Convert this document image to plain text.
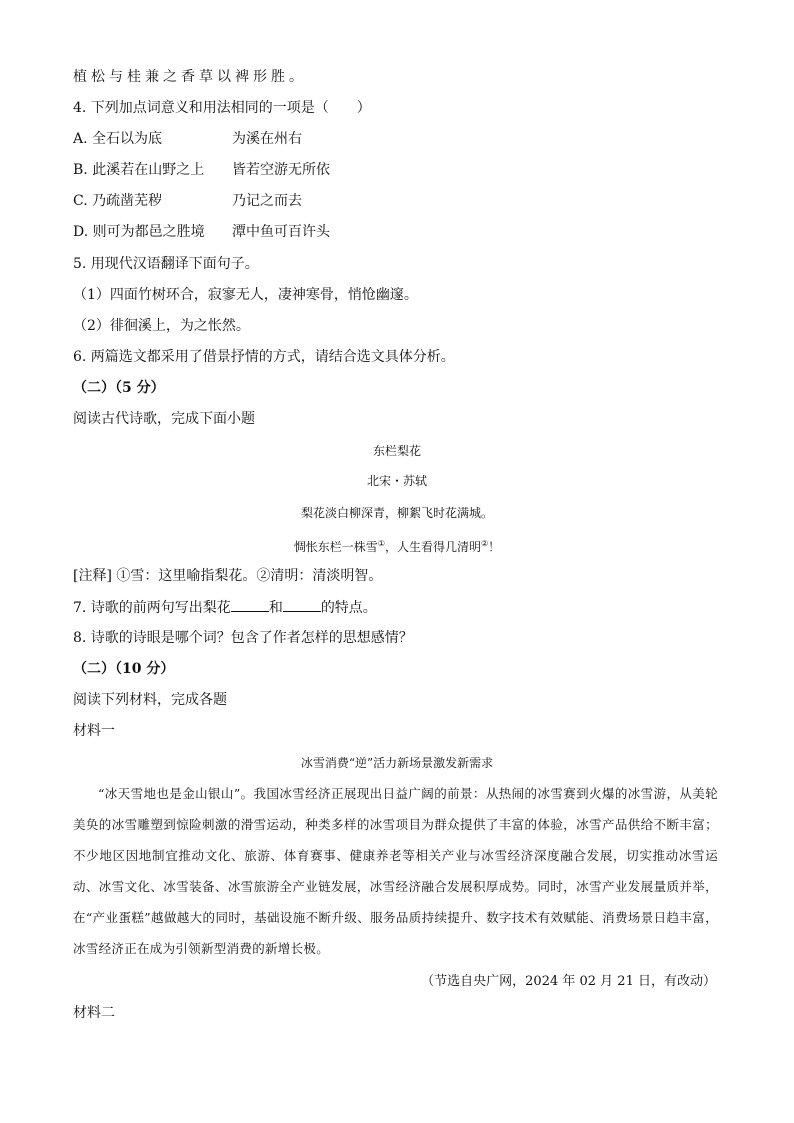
植松与桂兼之香草以裨形胜。
4. 下列加点词意义和用法相同的一项是（　　）
A. 全石以为底	为溪在州右
B. 此溪若在山野之上 皆若空游无所依
C. 乃疏凿芜秽	乃记之而去
D. 则可为都邑之胜境 潭中鱼可百许头
5. 用现代汉语翻译下面句子。
（1）四面竹树环合，寂寥无人，凄神寒骨，悄怆幽邃。
（2）徘徊溪上，为之怅然。
6. 两篇选文都采用了借景抒情的方式，请结合选文具体分析。
（二）（5 分）
阅读古代诗歌，完成下面小题
东栏梨花
北宋・苏轼
梨花淡白柳深青，柳絮飞时花满城。
惆怅东栏一株雪①，人生看得几清明②！
[注释] ①雪：这里喻指梨花。②清明：清淡明智。
7. 诗歌的前两句写出梨花	和	的特点。
8. 诗歌的诗眼是哪个词？包含了作者怎样的思想感情？
（二）（10 分）
阅读下列材料，完成各题
材料一
冰雪消费“逆”活力新场景激发新需求
“冰天雪地也是金山银山”。我国冰雪经济正展现出日益广阔的前景：从热闹的冰雪赛到火爆的冰雪游，从美轮美奂的冰雪雕塑到惊险刺激的滑雪运动，种类多样的冰雪项目为群众提供了丰富的体验，冰雪产品供给不断丰富；不少地区因地制宜推动文化、旅游、体育赛事、健康养老等相关产业与冰雪经济深度融合发展，切实推动冰雪运动、冰雪文化、冰雪装备、冰雪旅游全产业链发展，冰雪经济融合发展积厚成势。同时，冰雪产业发展量质并举，在“产业蛋糕”越做越大的同时，基础设施不断升级、服务品质持续提升、数字技术有效赋能、消费场景日趋丰富，冰雪经济正在成为引领新型消费的新增长极。
（节选自央广网，2024 年 02 月 21 日，有改动）
材料二
